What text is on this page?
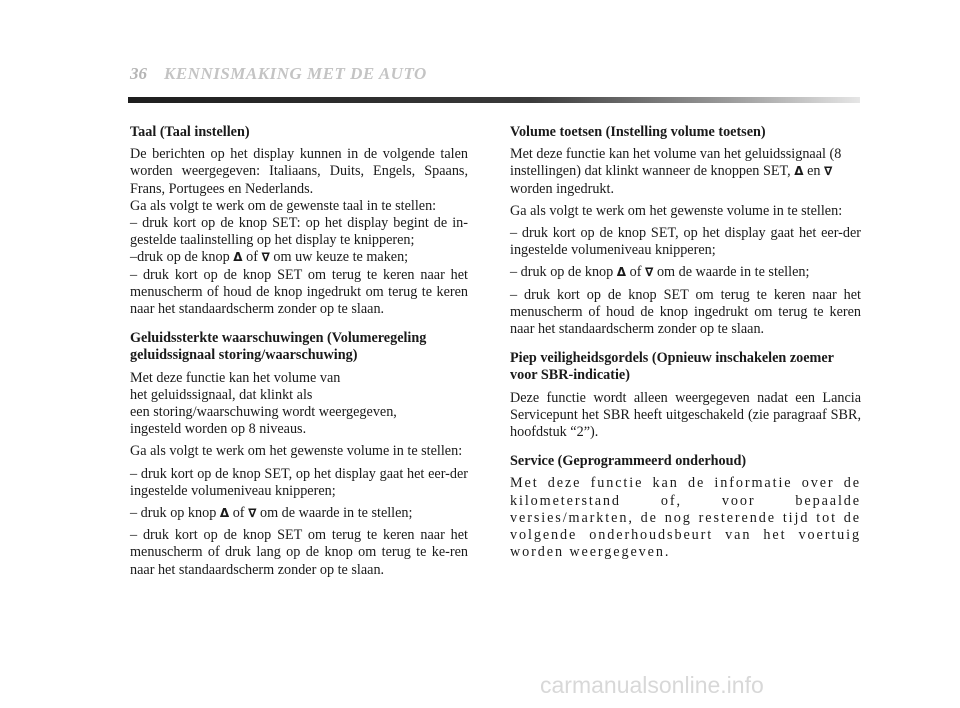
36 KENNISMAKING MET DE AUTO

Taal (Taal instellen)

De berichten op het display kunnen in de volgende talen worden weergegeven: Italiaans, Duits, Engels, Spaans, Frans, Portugees en Nederlands.

Ga als volgt te werk om de gewenste taal in te stellen:

– druk kort op de knop SET: op het display begint de in-gestelde taalinstelling op het display te knipperen;

–druk op de knop Δ of ∇ om uw keuze te maken;

– druk kort op de knop SET om terug te keren naar het menuscherm of houd de knop ingedrukt om terug te keren naar het standaardscherm zonder op te slaan.

Geluidssterkte waarschuwingen (Volumeregeling geluidssignaal storing/waarschuwing)

Met deze functie kan het volume van
het geluidssignaal, dat klinkt als
een storing/waarschuwing wordt weergegeven,
ingesteld worden op 8 niveaus.

Ga als volgt te werk om het gewenste volume in te stellen:

– druk kort op de knop SET, op het display gaat het eer-der ingestelde volumeniveau knipperen;

– druk op knop Δ of ∇ om de waarde in te stellen;

– druk kort op de knop SET om terug te keren naar het menuscherm of druk lang op de knop om terug te ke-ren naar het standaardscherm zonder op te slaan.

Volume toetsen (Instelling volume toetsen)

Met deze functie kan het volume van het geluidssignaal (8 instellingen) dat klinkt wanneer de knoppen SET, Δ en ∇ worden ingedrukt.

Ga als volgt te werk om het gewenste volume in te stellen:

– druk kort op de knop SET, op het display gaat het eer-der ingestelde volumeniveau knipperen;

– druk op de knop Δ of ∇ om de waarde in te stellen;

– druk kort op de knop SET om terug te keren naar het menuscherm of houd de knop ingedrukt om terug te keren naar het standaardscherm zonder op te slaan.

Piep veiligheidsgordels (Opnieuw inschakelen zoemer voor SBR-indicatie)

Deze functie wordt alleen weergegeven nadat een Lancia Servicepunt het SBR heeft uitgeschakeld (zie paragraaf SBR, hoofdstuk “2”).

Service (Geprogrammeerd onderhoud)

Met deze functie kan de informatie over de kilometerstand of, voor bepaalde versies/markten, de nog resterende tijd tot de volgende onderhoudsbeurt van het voertuig worden weergegeven.

carmanualsonline.info
